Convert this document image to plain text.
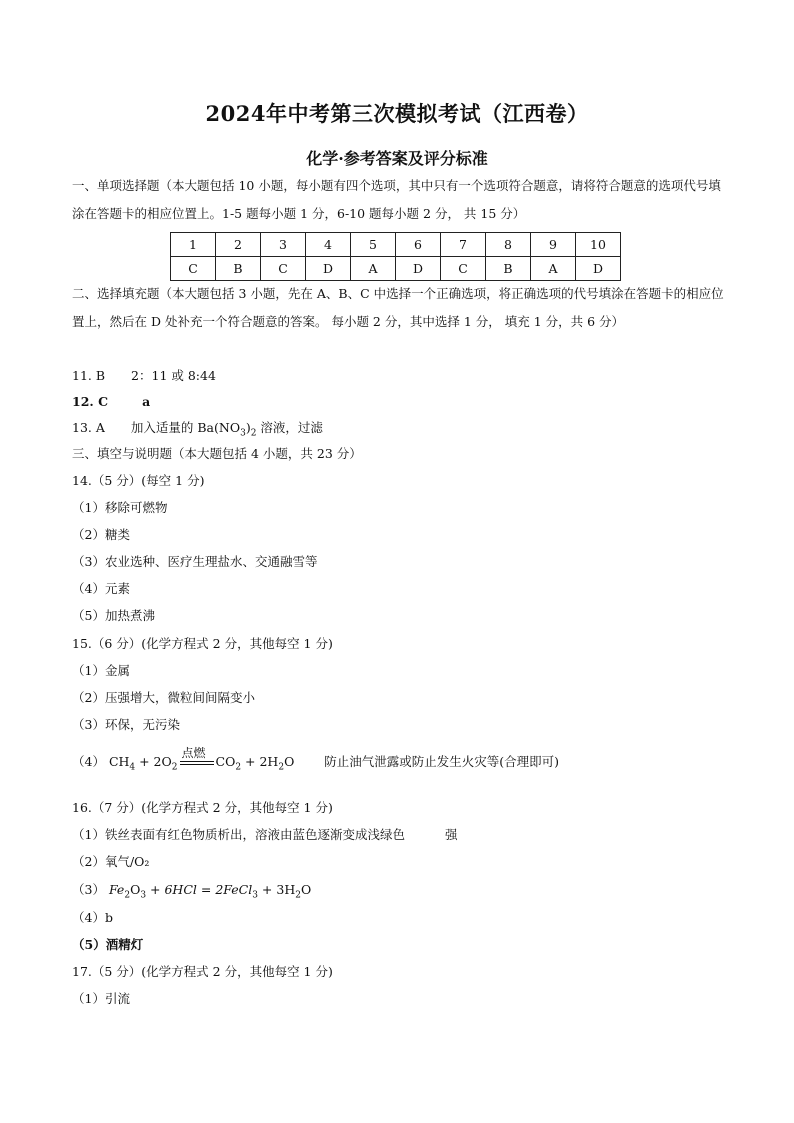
2024年中考第三次模拟考试（江西卷）
化学·参考答案及评分标准
一、单项选择题（本大题包括 10 小题，每小题有四个选项，其中只有一个选项符合题意，请将符合题意的选项代号填涂在答题卡的相应位置上。1-5 题每小题 1 分，6-10 题每小题 2 分， 共 15 分）
1	2	3	4	5	6	7	8	9	10
C	B	C	D	A	D	C	B	A	D
二、选择填充题（本大题包括 3 小题，先在 A、B、C 中选择一个正确选项，将正确选项的代号填涂在答题卡的相应位置上，然后在 D 处补充一个符合题意的答案。 每小题 2 分，其中选择 1 分， 填充 1 分，共 6 分）
11. B 2：11 或 8:44
12. C	a
13. A 加入适量的 $Ba(NO_3)_2$ 溶液，过滤
三、填空与说明题（本大题包括 4 小题，共 23 分）
14.（5 分）(每空 1 分)
（1）移除可燃物
（2）糖类
（3）农业选种、医疗生理盐水、交通融雪等
（4）元素
（5）加热煮沸
15.（6 分）(化学方程式 2 分，其他每空 1 分)
（1）金属
（2）压强增大，微粒间间隔变小
（3）环保，无污染
（4） $CH_4 + 2O_2$
点燃
$CO_2 + 2H_2O$ 防止油气泄露或防止发生火灾等(合理即可)
16.（7 分）(化学方程式 2 分，其他每空 1 分)
（1）铁丝表面有红色物质析出，溶液由蓝色逐渐变成浅绿色	强
（2）氧气/O₂
（3） $Fe_2O_3 + 6HCl$ = 2FeCl$_3$ + $3H_2O$
（4）b
（5）酒精灯
17.（5 分）(化学方程式 2 分，其他每空 1 分)
（1）引流
